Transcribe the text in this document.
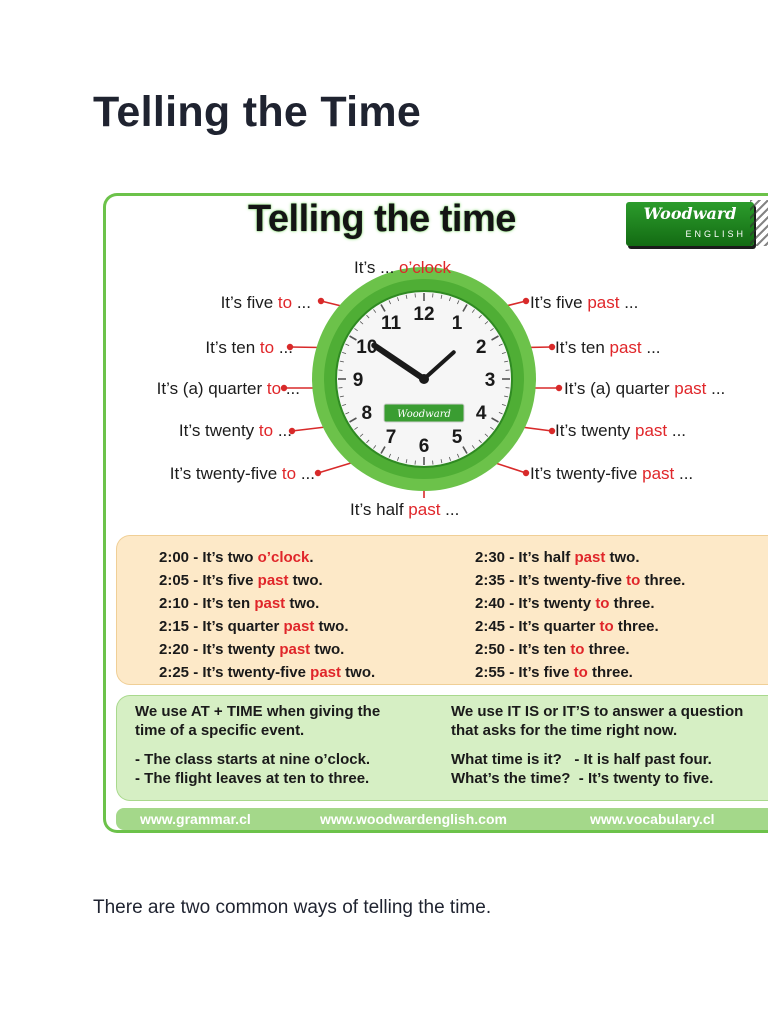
Telling the Time
Telling the time	Woodward
ENGLISH
12 1
2
3
4
5
6
7
8
9
10
11
Woodward
It’s ... o’clock
It’s half past ...
It’s five to ...
It’s ten to ...
It’s (a) quarter to ...
It’s twenty to ...
It’s twenty-five to ...
It’s five past ...
It’s ten past ...
It’s (a) quarter past ...
It’s twenty past ...
It’s twenty-five past ...
2:00 - It’s two o’clock.
2:05 - It’s five past two.
2:10 - It’s ten past two.
2:15 - It’s quarter past two.
2:20 - It’s twenty past two.
2:25 - It’s twenty-five past two.
2:30 - It’s half past two.
2:35 - It’s twenty-five to three.
2:40 - It’s twenty to three.
2:45 - It’s quarter to three.
2:50 - It’s ten to three.
2:55 - It’s five to three.
We use AT + TIME when giving the
time of a specific event.
- The class starts at nine o’clock.
- The flight leaves at ten to three.
We use IT IS or IT’S to answer a question
that asks for the time right now.
What time is it?   - It is half past four.
What’s the time?  - It’s twenty to five.
www.grammar.cl	www.woodwardenglish.com	www.vocabulary.cl

There are two common ways of telling the time.
